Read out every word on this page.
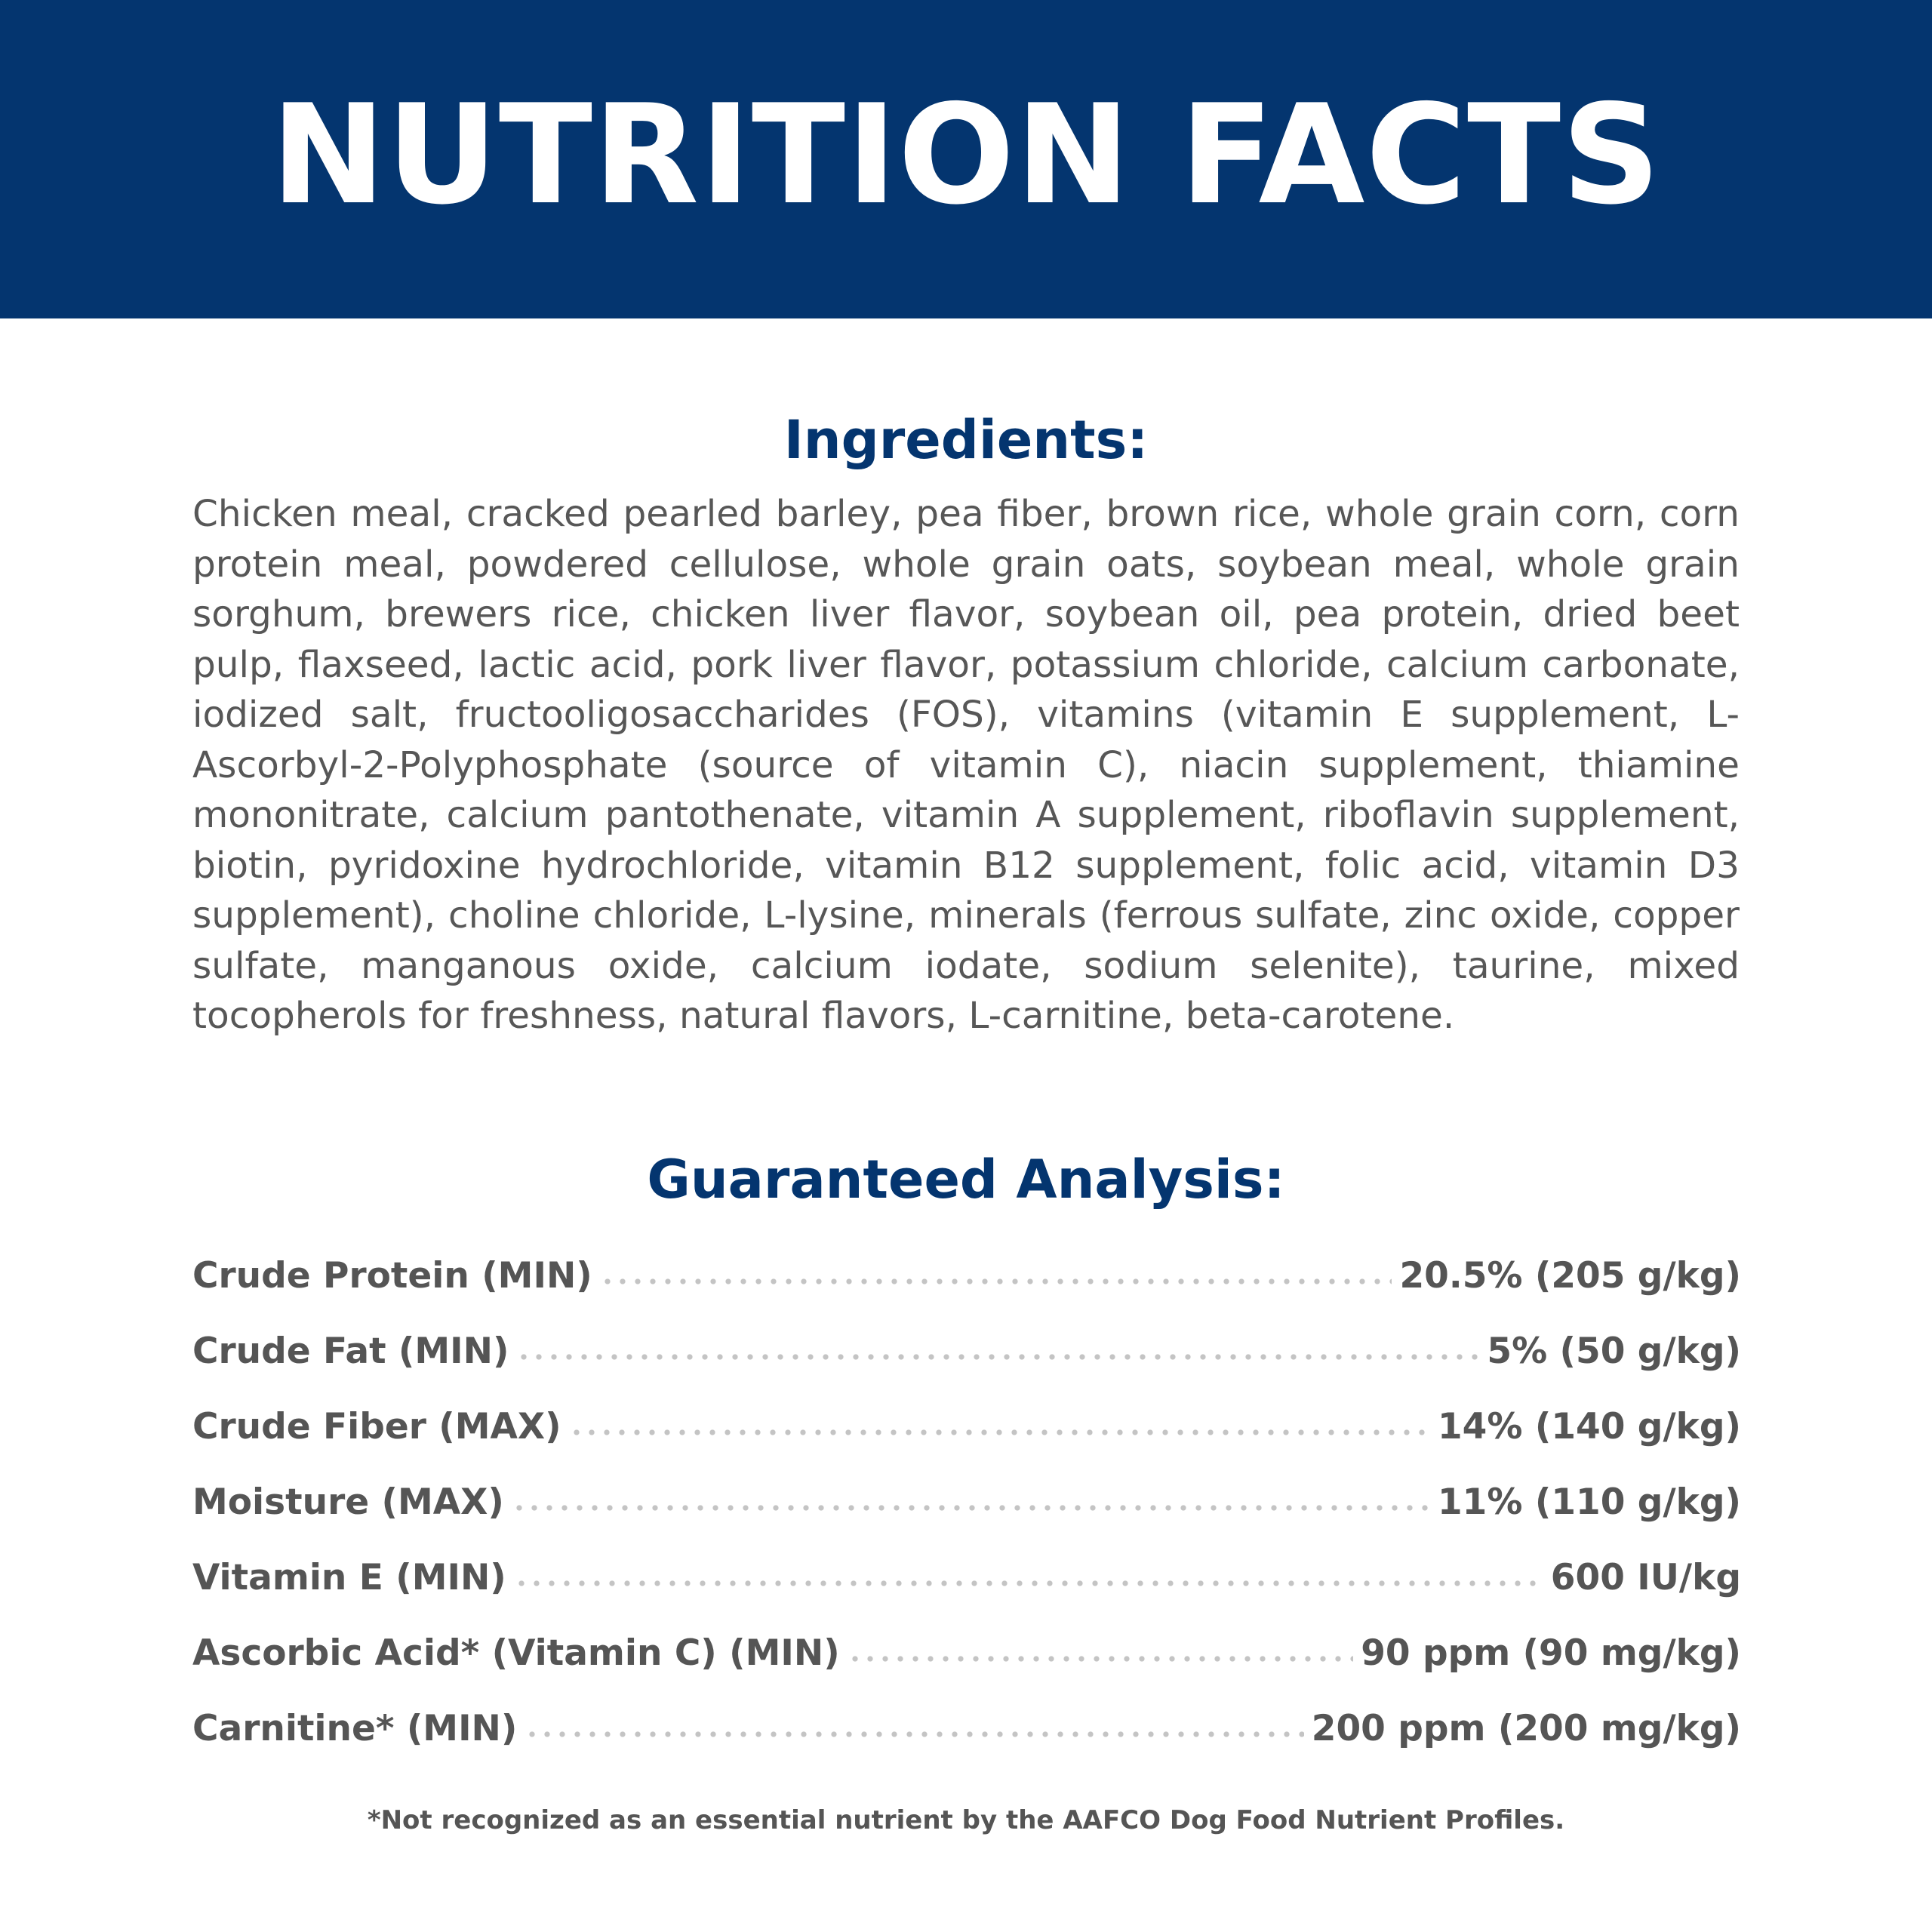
NUTRITION FACTS
Ingredients:

Chicken meal, cracked pearled barley, pea fiber, brown rice, whole grain corn, corn protein meal, powdered cellulose, whole grain oats, soybean meal, whole grain sorghum, brewers rice, chicken liver flavor, soybean oil, pea protein, dried beet pulp, flaxseed, lactic acid, pork liver flavor, potassium chloride, calcium carbonate, iodized salt, fructooligosaccharides (FOS), vitamins (vitamin E supplement, L-Ascorbyl-2-Polyphosphate (source of vitamin C), niacin supplement, thiamine mononitrate, calcium pantothenate, vitamin A supplement, riboflavin supplement, biotin, pyridoxine hydrochloride, vitamin B12 supplement, folic acid, vitamin D3 supplement), choline chloride, L-lysine, minerals (ferrous sulfate, zinc oxide, copper sulfate, manganous oxide, calcium iodate, sodium selenite), taurine, mixed tocopherols for freshness, natural flavors, L-carnitine, beta-carotene.

Guaranteed Analysis:
Crude Protein (MIN)	20.5% (205 g/kg)
Crude Fat (MIN)	5% (50 g/kg)
Crude Fiber (MAX)	14% (140 g/kg)
Moisture (MAX)	11% (110 g/kg)
Vitamin E (MIN)	600 IU/kg
Ascorbic Acid* (Vitamin C) (MIN)	90 ppm (90 mg/kg)
Carnitine* (MIN)	200 ppm (200 mg/kg)
*Not recognized as an essential nutrient by the AAFCO Dog Food Nutrient Profiles.
